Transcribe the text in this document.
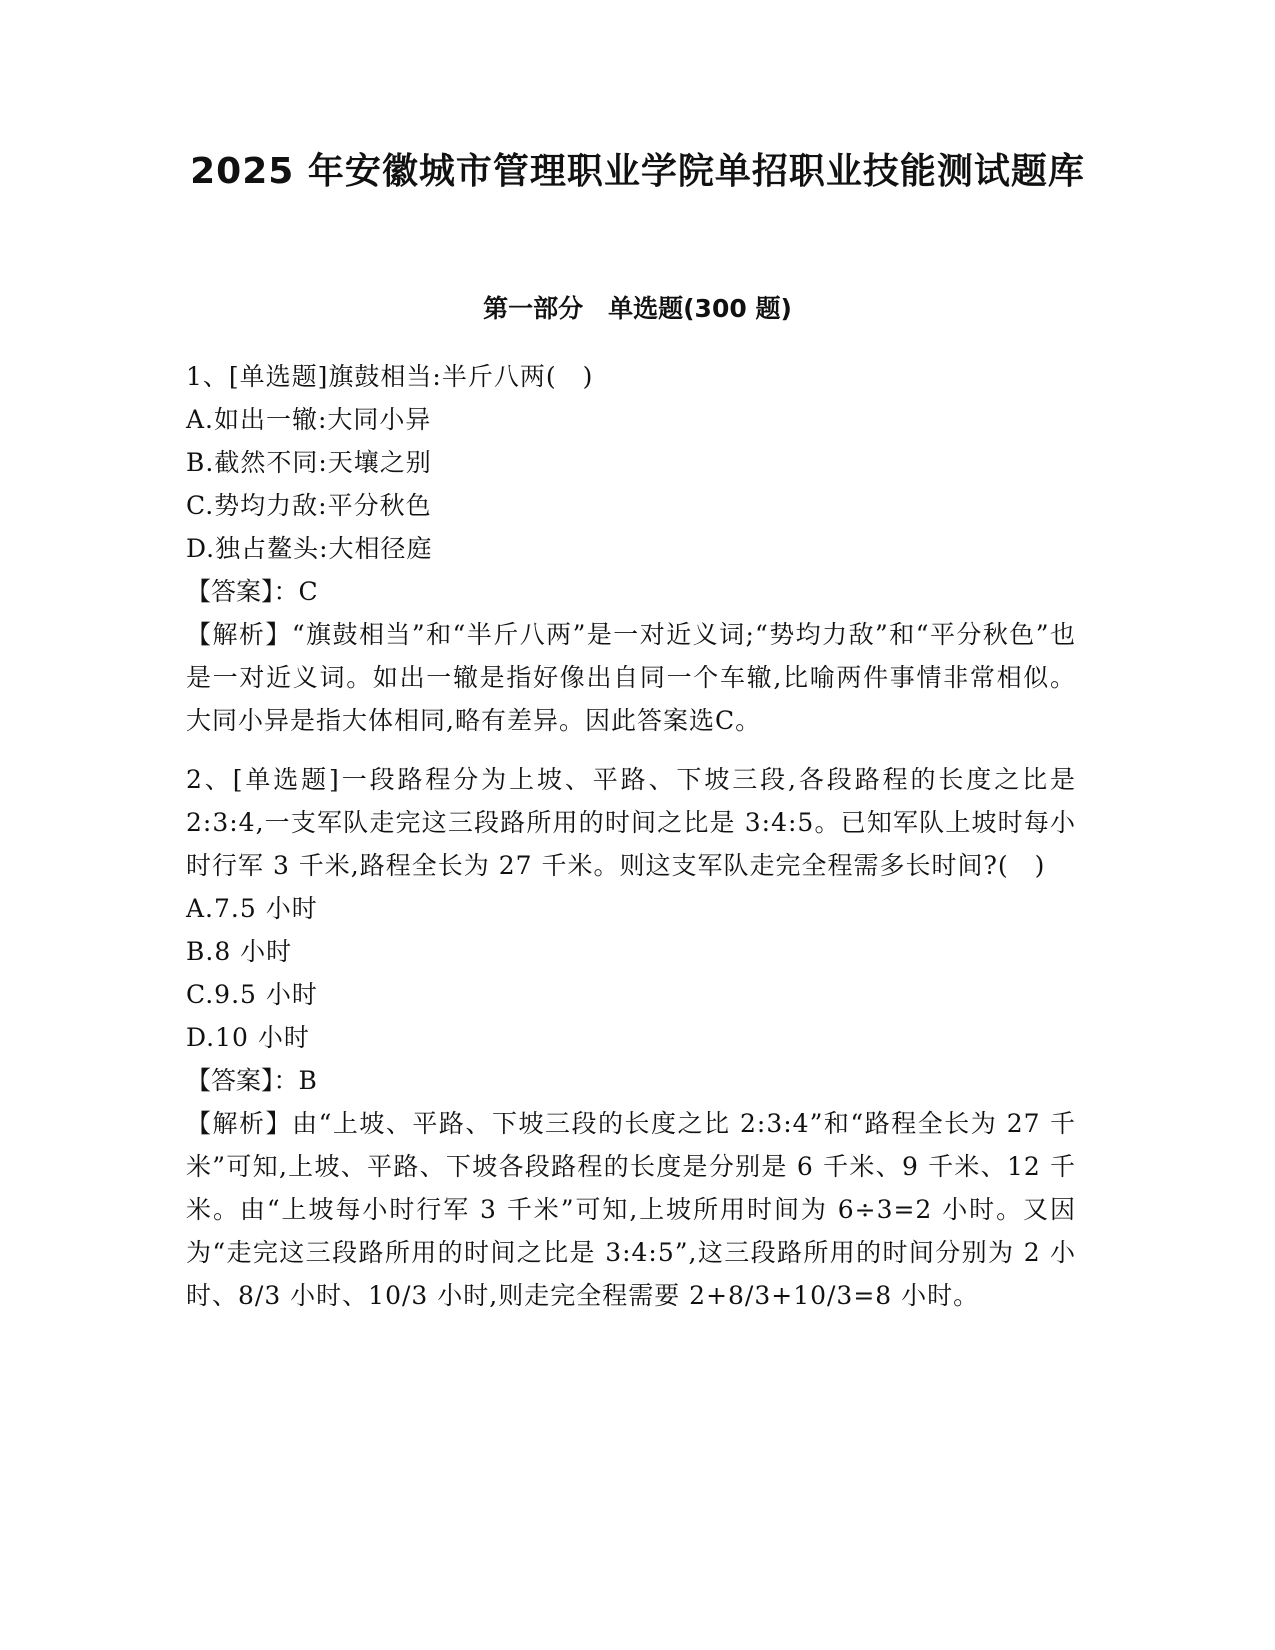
2025 年安徽城市管理职业学院单招职业技能测试题库
第一部分　单选题(300 题)

1、[单选题]旗鼓相当:半斤八两(　)

A.如出一辙:大同小异

B.截然不同:天壤之别

C.势均力敌:平分秋色

D.独占鳌头:大相径庭

【答案】：C

【解析】“旗鼓相当”和“半斤八两”是一对近义词;“势均力敌”和“平分秋色”也是一对近义词。如出一辙是指好像出自同一个车辙,比喻两件事情非常相似。大同小异是指大体相同,略有差异。因此答案选C。

2、[单选题]一段路程分为上坡、平路、下坡三段,各段路程的长度之比是 2:3:4,一支军队走完这三段路所用的时间之比是 3:4:5。已知军队上坡时每小时行军 3 千米,路程全长为 27 千米。则这支军队走完全程需多长时间?(　)

A.7.5 小时

B.8 小时

C.9.5 小时

D.10 小时

【答案】：B

【解析】由“上坡、平路、下坡三段的长度之比 2:3:4”和“路程全长为 27 千米”可知,上坡、平路、下坡各段路程的长度是分别是 6 千米、9 千米、12 千米。由“上坡每小时行军 3 千米”可知,上坡所用时间为 6÷3=2 小时。又因为“走完这三段路所用的时间之比是 3:4:5”,这三段路所用的时间分别为 2 小时、8/3 小时、10/3 小时,则走完全程需要 2+8/3+10/3=8 小时。
